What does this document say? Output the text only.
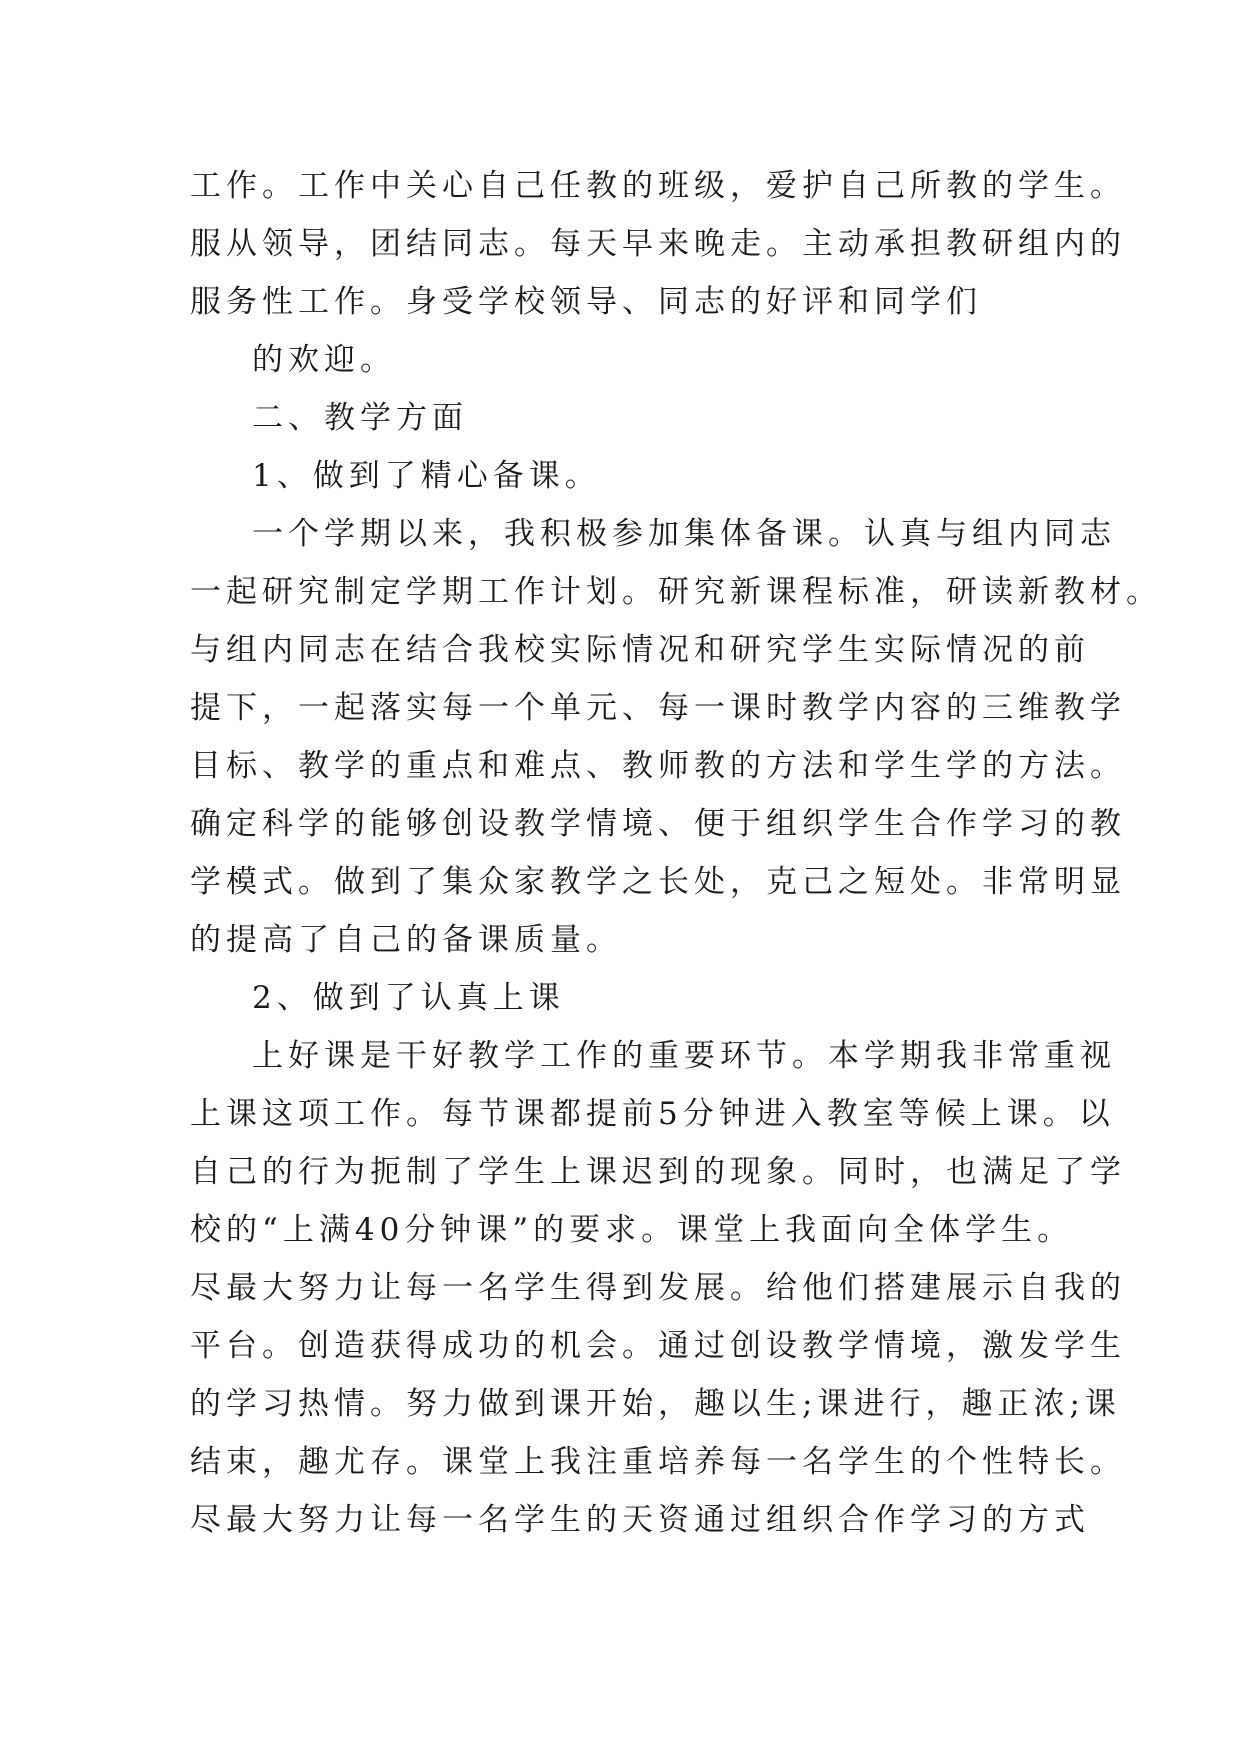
工作。工作中关心自己任教的班级，爱护自己所教的学生。
服从领导，团结同志。每天早来晚走。主动承担教研组内的
服务性工作。身受学校领导、同志的好评和同学们
的欢迎。
二、教学方面
1、做到了精心备课。
一个学期以来，我积极参加集体备课。认真与组内同志
一起研究制定学期工作计划。研究新课程标准，研读新教材。
与组内同志在结合我校实际情况和研究学生实际情况的前
提下，一起落实每一个单元、每一课时教学内容的三维教学
目标、教学的重点和难点、教师教的方法和学生学的方法。
确定科学的能够创设教学情境、便于组织学生合作学习的教
学模式。做到了集众家教学之长处，克己之短处。非常明显
的提高了自己的备课质量。
2、做到了认真上课
上好课是干好教学工作的重要环节。本学期我非常重视
上课这项工作。每节课都提前5分钟进入教室等候上课。以
自己的行为扼制了学生上课迟到的现象。同时，也满足了学
校的“上满40分钟课”的要求。课堂上我面向全体学生。
尽最大努力让每一名学生得到发展。给他们搭建展示自我的
平台。创造获得成功的机会。通过创设教学情境，激发学生
的学习热情。努力做到课开始，趣以生;课进行，趣正浓;课
结束，趣尤存。课堂上我注重培养每一名学生的个性特长。
尽最大努力让每一名学生的天资通过组织合作学习的方式
